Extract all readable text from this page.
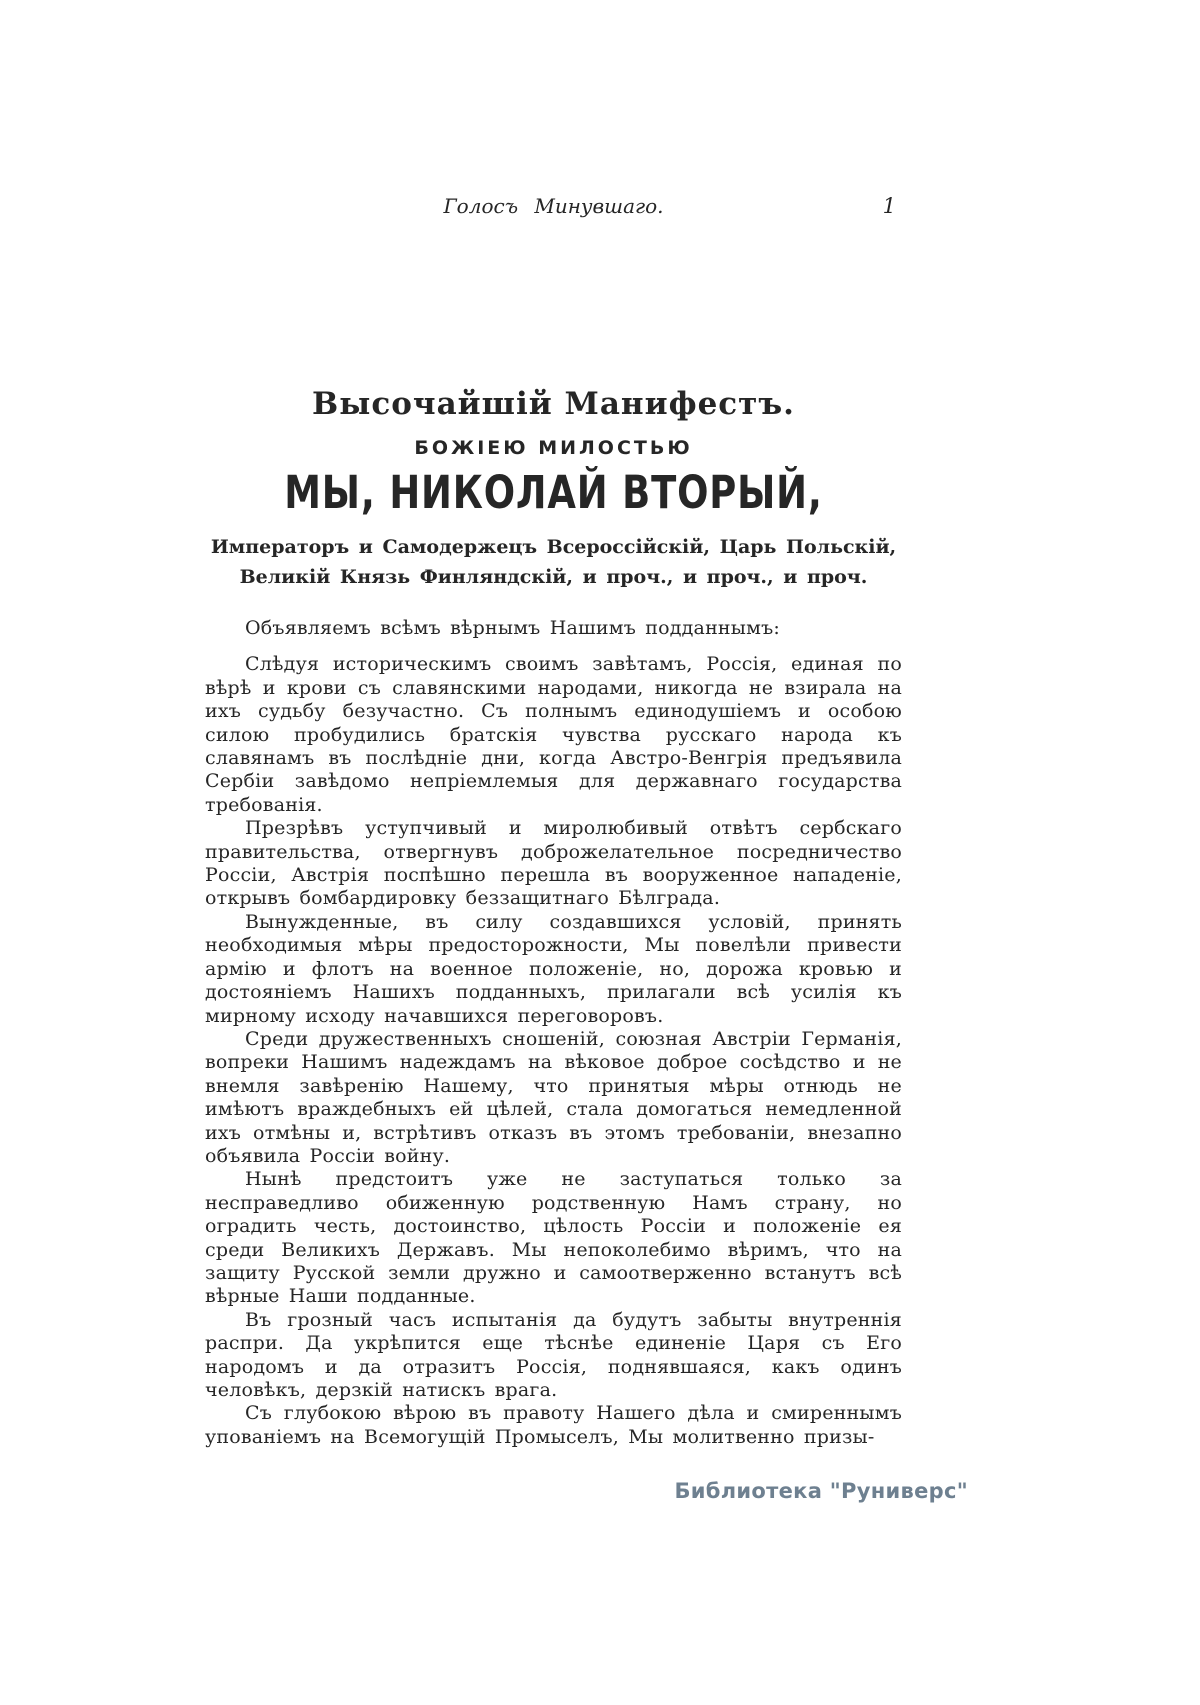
Голосъ Минувшаго.	1
Высочайшій Манифестъ.
БОЖІЕЮ МИЛОСТЬЮ
МЫ, НИКОЛАЙ ВТОРЫЙ,
Императоръ и Самодержецъ Всероссійскій, Царь Польскій, Великій Князь Финляндскій, и проч., и проч., и проч.

Объявляемъ всѣмъ вѣрнымъ Нашимъ подданнымъ:

Слѣдуя историческимъ своимъ завѣтамъ, Россія, единая по вѣрѣ и крови съ славянскими народами, никогда не взирала на ихъ судьбу безучастно. Съ полнымъ единодушіемъ и особою силою пробудились братскія чувства русскаго народа къ славянамъ въ послѣдніе дни, когда Австро-Венгрія предъявила Сербіи завѣдомо непріемлемыя для державнаго государства требованія.

Презрѣвъ уступчивый и миролюбивый отвѣтъ сербскаго правительства, отвергнувъ доброжелательное посредничество Россіи, Австрія поспѣшно перешла въ вооруженное нападеніе, открывъ бомбардировку беззащитнаго Бѣлграда.

Вынужденные, въ силу создавшихся условій, принять необходимыя мѣры предосторожности, Мы повелѣли привести армію и флотъ на военное положеніе, но, дорожа кровью и достояніемъ Нашихъ подданныхъ, прилагали всѣ усилія къ мирному исходу начавшихся переговоровъ.

Среди дружественныхъ сношеній, союзная Австріи Германія, вопреки Нашимъ надеждамъ на вѣковое доброе сосѣдство и не внемля завѣренію Нашему, что принятыя мѣры отнюдь не имѣютъ враждебныхъ ей цѣлей, стала домогаться немедленной ихъ отмѣны и, встрѣтивъ отказъ въ этомъ требованіи, внезапно объявила Россіи войну.

Нынѣ предстоитъ уже не заступаться только за несправедливо обиженную родственную Намъ страну, но оградить честь, достоинство, цѣлость Россіи и положеніе ея среди Великихъ Державъ. Мы непоколебимо вѣримъ, что на защиту Русской земли дружно и самоотверженно встанутъ всѣ вѣрные Наши подданные.

Въ грозный часъ испытанія да будутъ забыты внутреннія распри. Да укрѣпится еще тѣснѣе единеніе Царя съ Его народомъ и да отразитъ Россія, поднявшаяся, какъ одинъ человѣкъ, дерзкій натискъ врага.

Съ глубокою вѣрою въ правоту Нашего дѣла и смиреннымъ упованіемъ на Всемогущій Промыселъ, Мы молитвенно призы-

Библиотека "Руниверс"
